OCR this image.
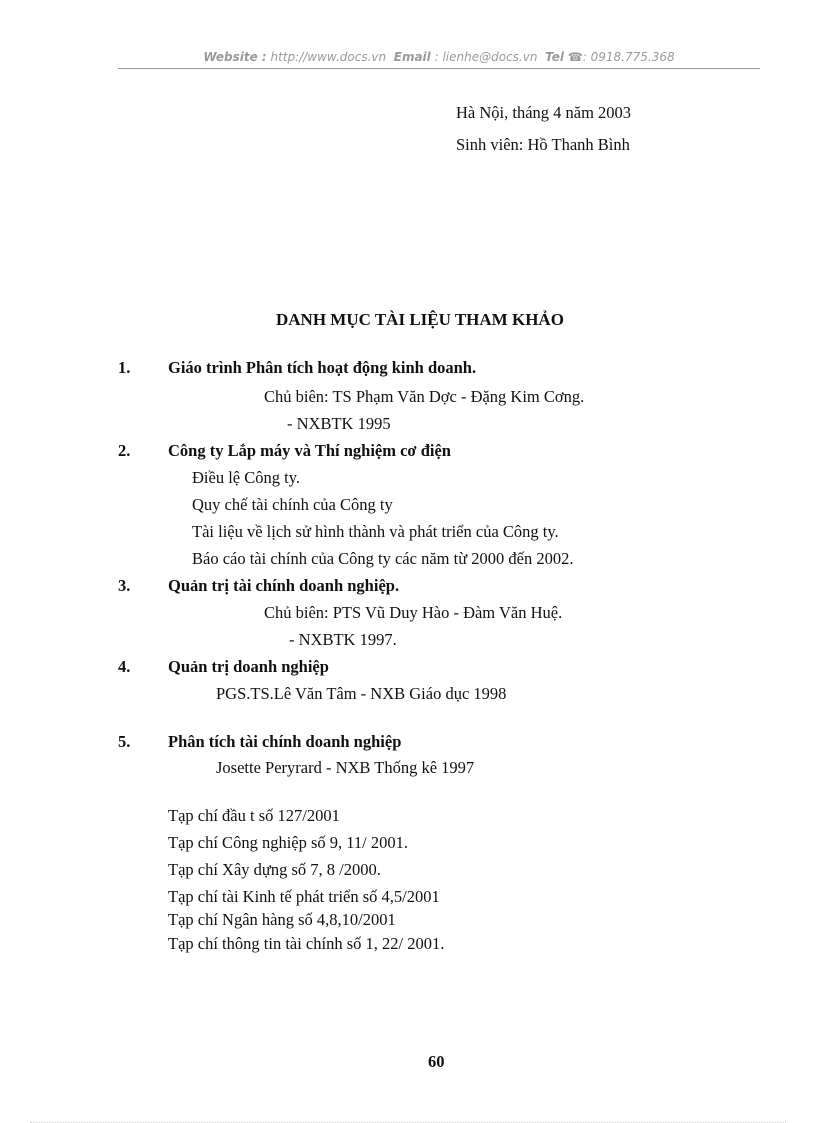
Website : http://www.docs.vn Email : lienhe@docs.vn Tel ☎: 0918.775.368
Hà Nội, tháng 4 năm 2003
Sinh viên: Hồ Thanh Bình
DANH MỤC TÀI LIỆU THAM KHẢO
1. Giáo trình Phân tích hoạt động kinh doanh.
Chủ biên: TS Phạm Văn Dợc - Đặng Kim Cơng.
- NXBTK 1995
2. Công ty Lắp máy và Thí nghiệm cơ điện
Điều lệ Công ty.
Quy chế tài chính của Công ty
Tài liệu về lịch sử hình thành và phát triển của Công ty.
Báo cáo tài chính của Công ty các năm từ 2000 đến 2002.
3. Quản trị tài chính doanh nghiệp.
Chủ biên: PTS Vũ Duy Hào - Đàm Văn Huệ.
- NXBTK 1997.
4. Quản trị doanh nghiệp
PGS.TS.Lê Văn Tâm - NXB Giáo dục 1998
5. Phân tích tài chính doanh nghiệp
Josette Peryrard - NXB Thống kê 1997
Tạp chí đầu t số 127/2001
Tạp chí Công nghiệp số 9, 11/ 2001.
Tạp chí Xây dựng số 7, 8 /2000.
Tạp chí tài Kinh tế phát triển số 4,5/2001
Tạp chí Ngân hàng số 4,8,10/2001
Tạp chí thông tin tài chính số 1, 22/ 2001.
60
